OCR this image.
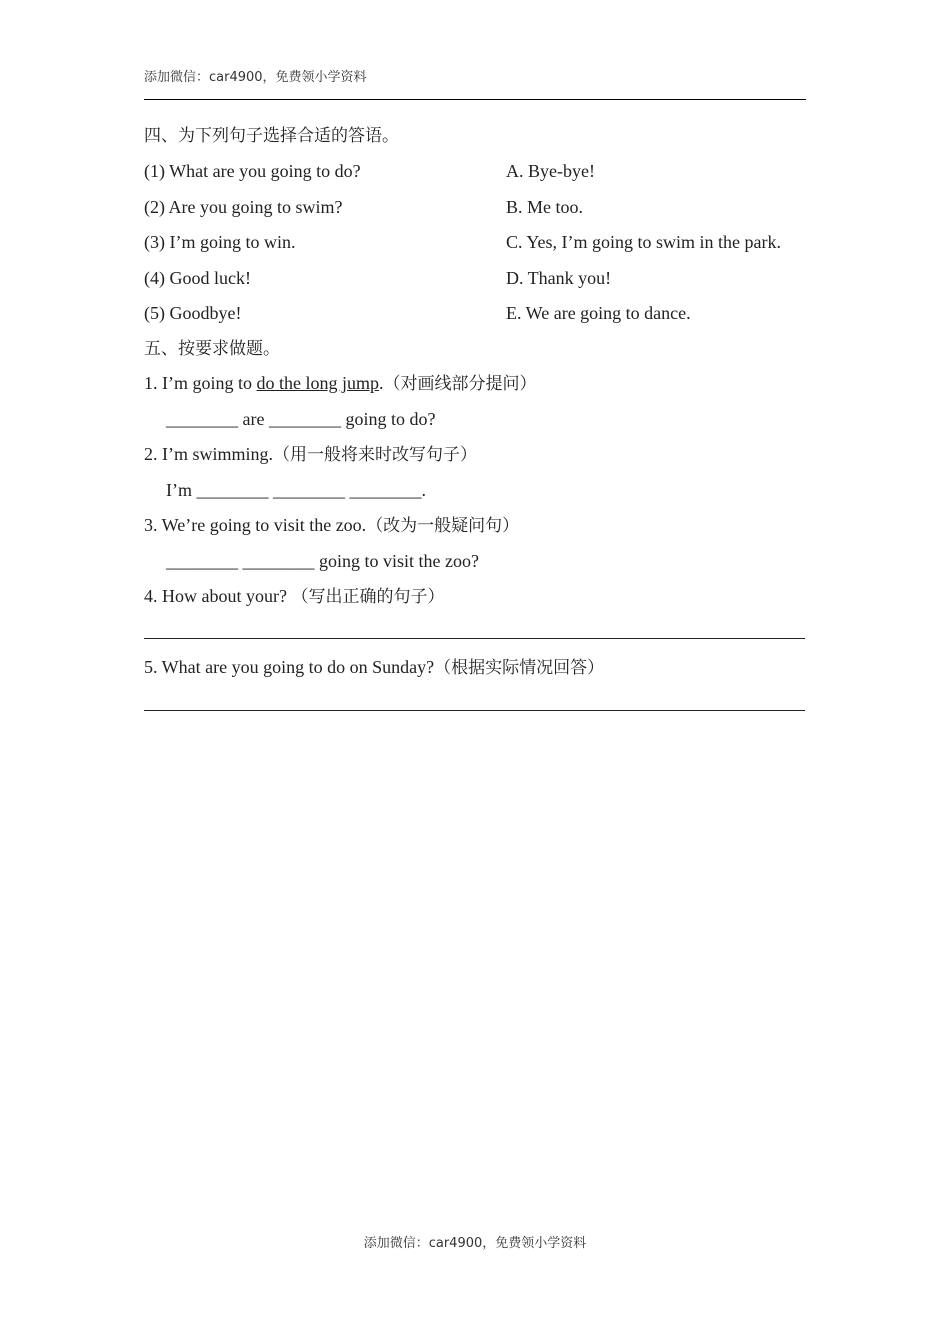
添加微信：car4900，免费领小学资料
四、为下列句子选择合适的答语。
(1) What are you going to do?	A. Bye-bye!
(2) Are you going to swim?	B. Me too.
(3) I’m going to win.	C. Yes, I’m going to swim in the park.
(4) Good luck!	D. Thank you!
(5) Goodbye!	E. We are going to dance.
五、按要求做题。
1. I’m going to do the long jump.（对画线部分提问）
________ are ________ going to do?
2. I’m swimming.（用一般将来时改写句子）
I’m ________ ________ ________.
3. We’re going to visit the zoo.（改为一般疑问句）
________ ________ going to visit the zoo?
4. How about your? （写出正确的句子）
5. What are you going to do on Sunday?（根据实际情况回答）
添加微信：car4900，免费领小学资料
